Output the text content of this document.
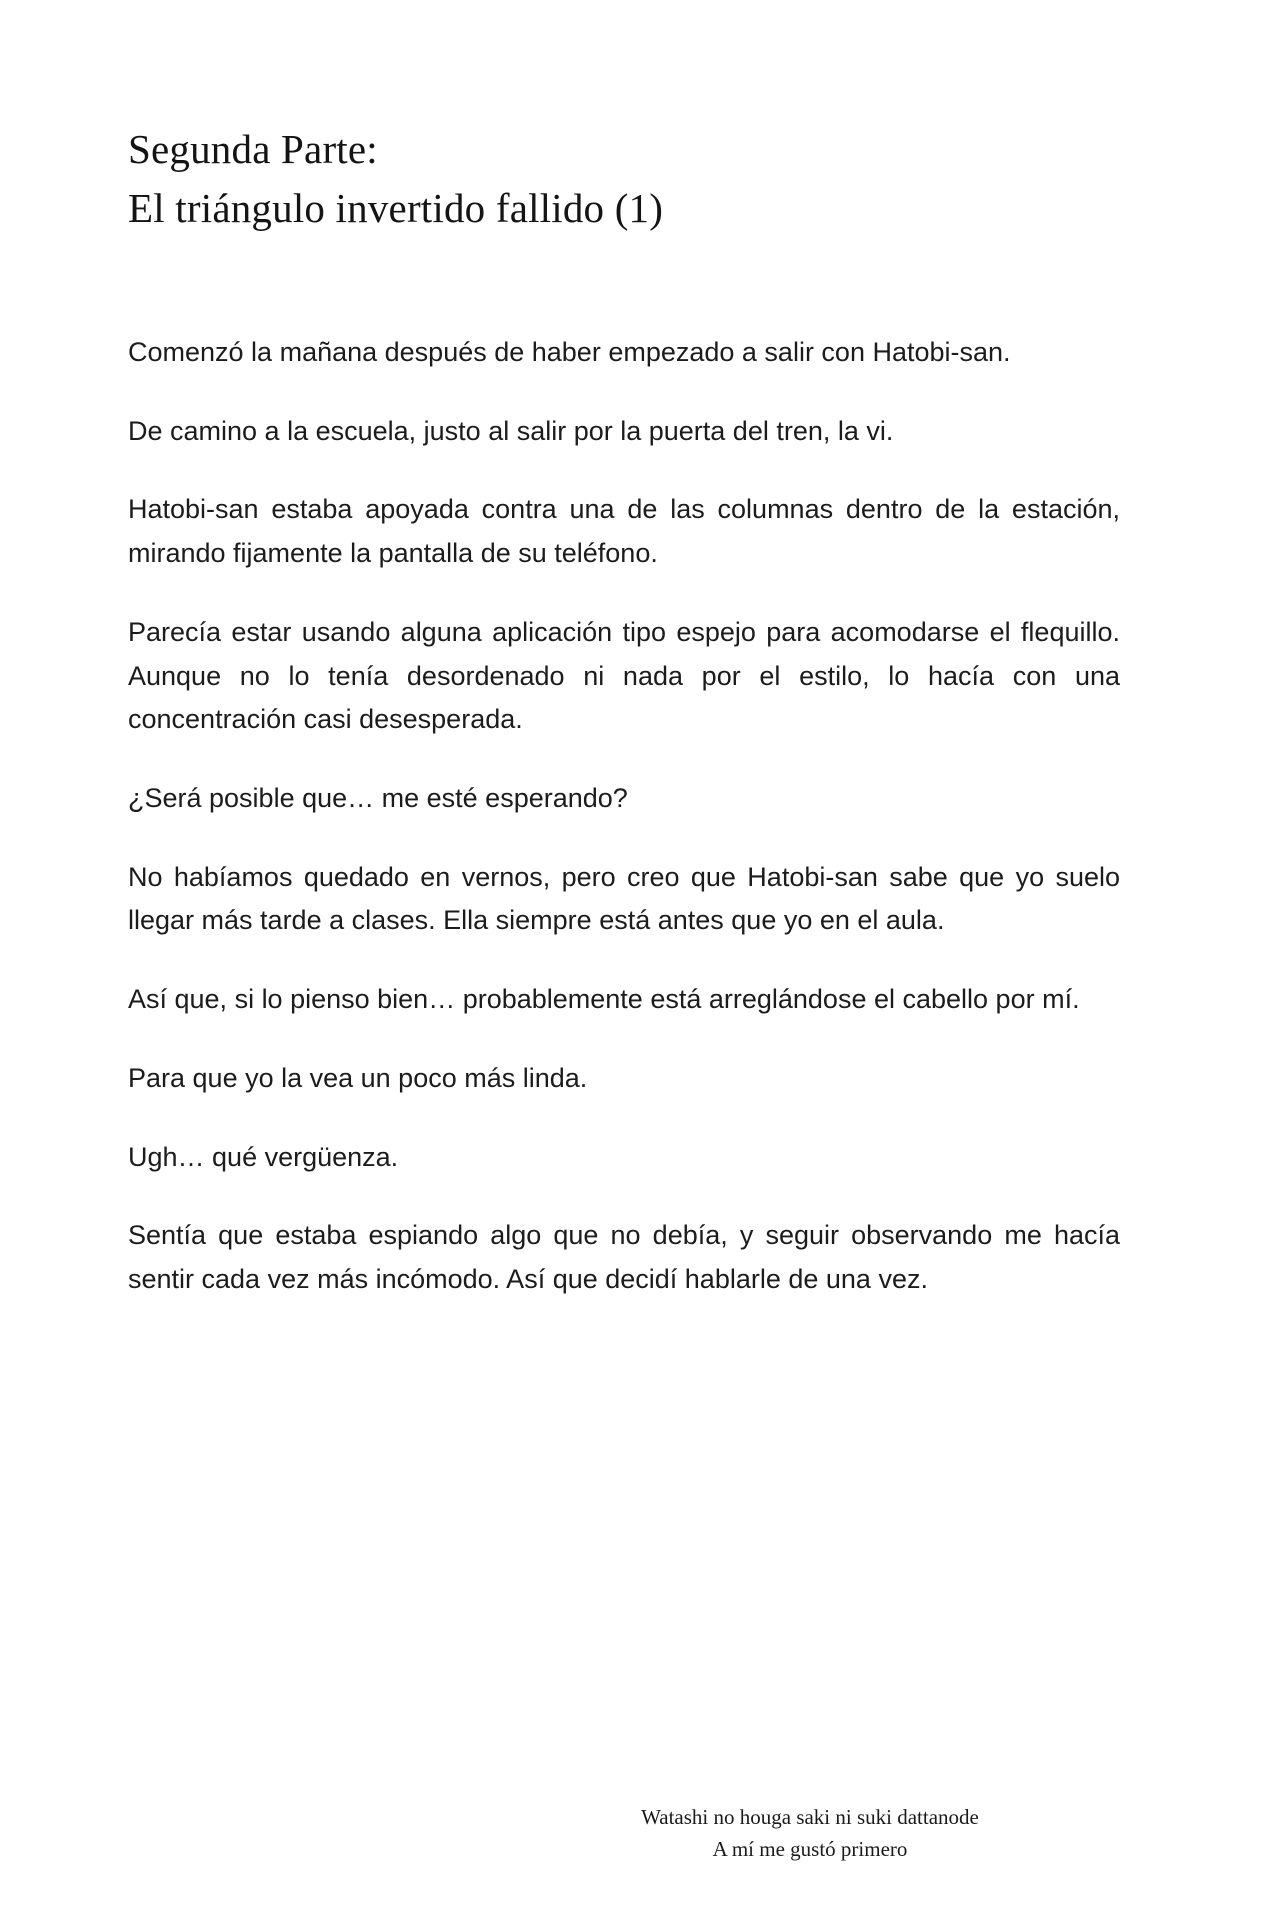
Segunda Parte:
El triángulo invertido fallido (1)

Comenzó la mañana después de haber empezado a salir con Hatobi-san.

De camino a la escuela, justo al salir por la puerta del tren, la vi.

Hatobi-san estaba apoyada contra una de las columnas dentro de la estación, mirando fijamente la pantalla de su teléfono.

Parecía estar usando alguna aplicación tipo espejo para acomodarse el flequillo. Aunque no lo tenía desordenado ni nada por el estilo, lo hacía con una concentración casi desesperada.

¿Será posible que… me esté esperando?

No habíamos quedado en vernos, pero creo que Hatobi-san sabe que yo suelo llegar más tarde a clases. Ella siempre está antes que yo en el aula.

Así que, si lo pienso bien… probablemente está arreglándose el cabello por mí.

Para que yo la vea un poco más linda.

Ugh… qué vergüenza.

Sentía que estaba espiando algo que no debía, y seguir observando me hacía sentir cada vez más incómodo. Así que decidí hablarle de una vez.

Watashi no houga saki ni suki dattanode
A mí me gustó primero
